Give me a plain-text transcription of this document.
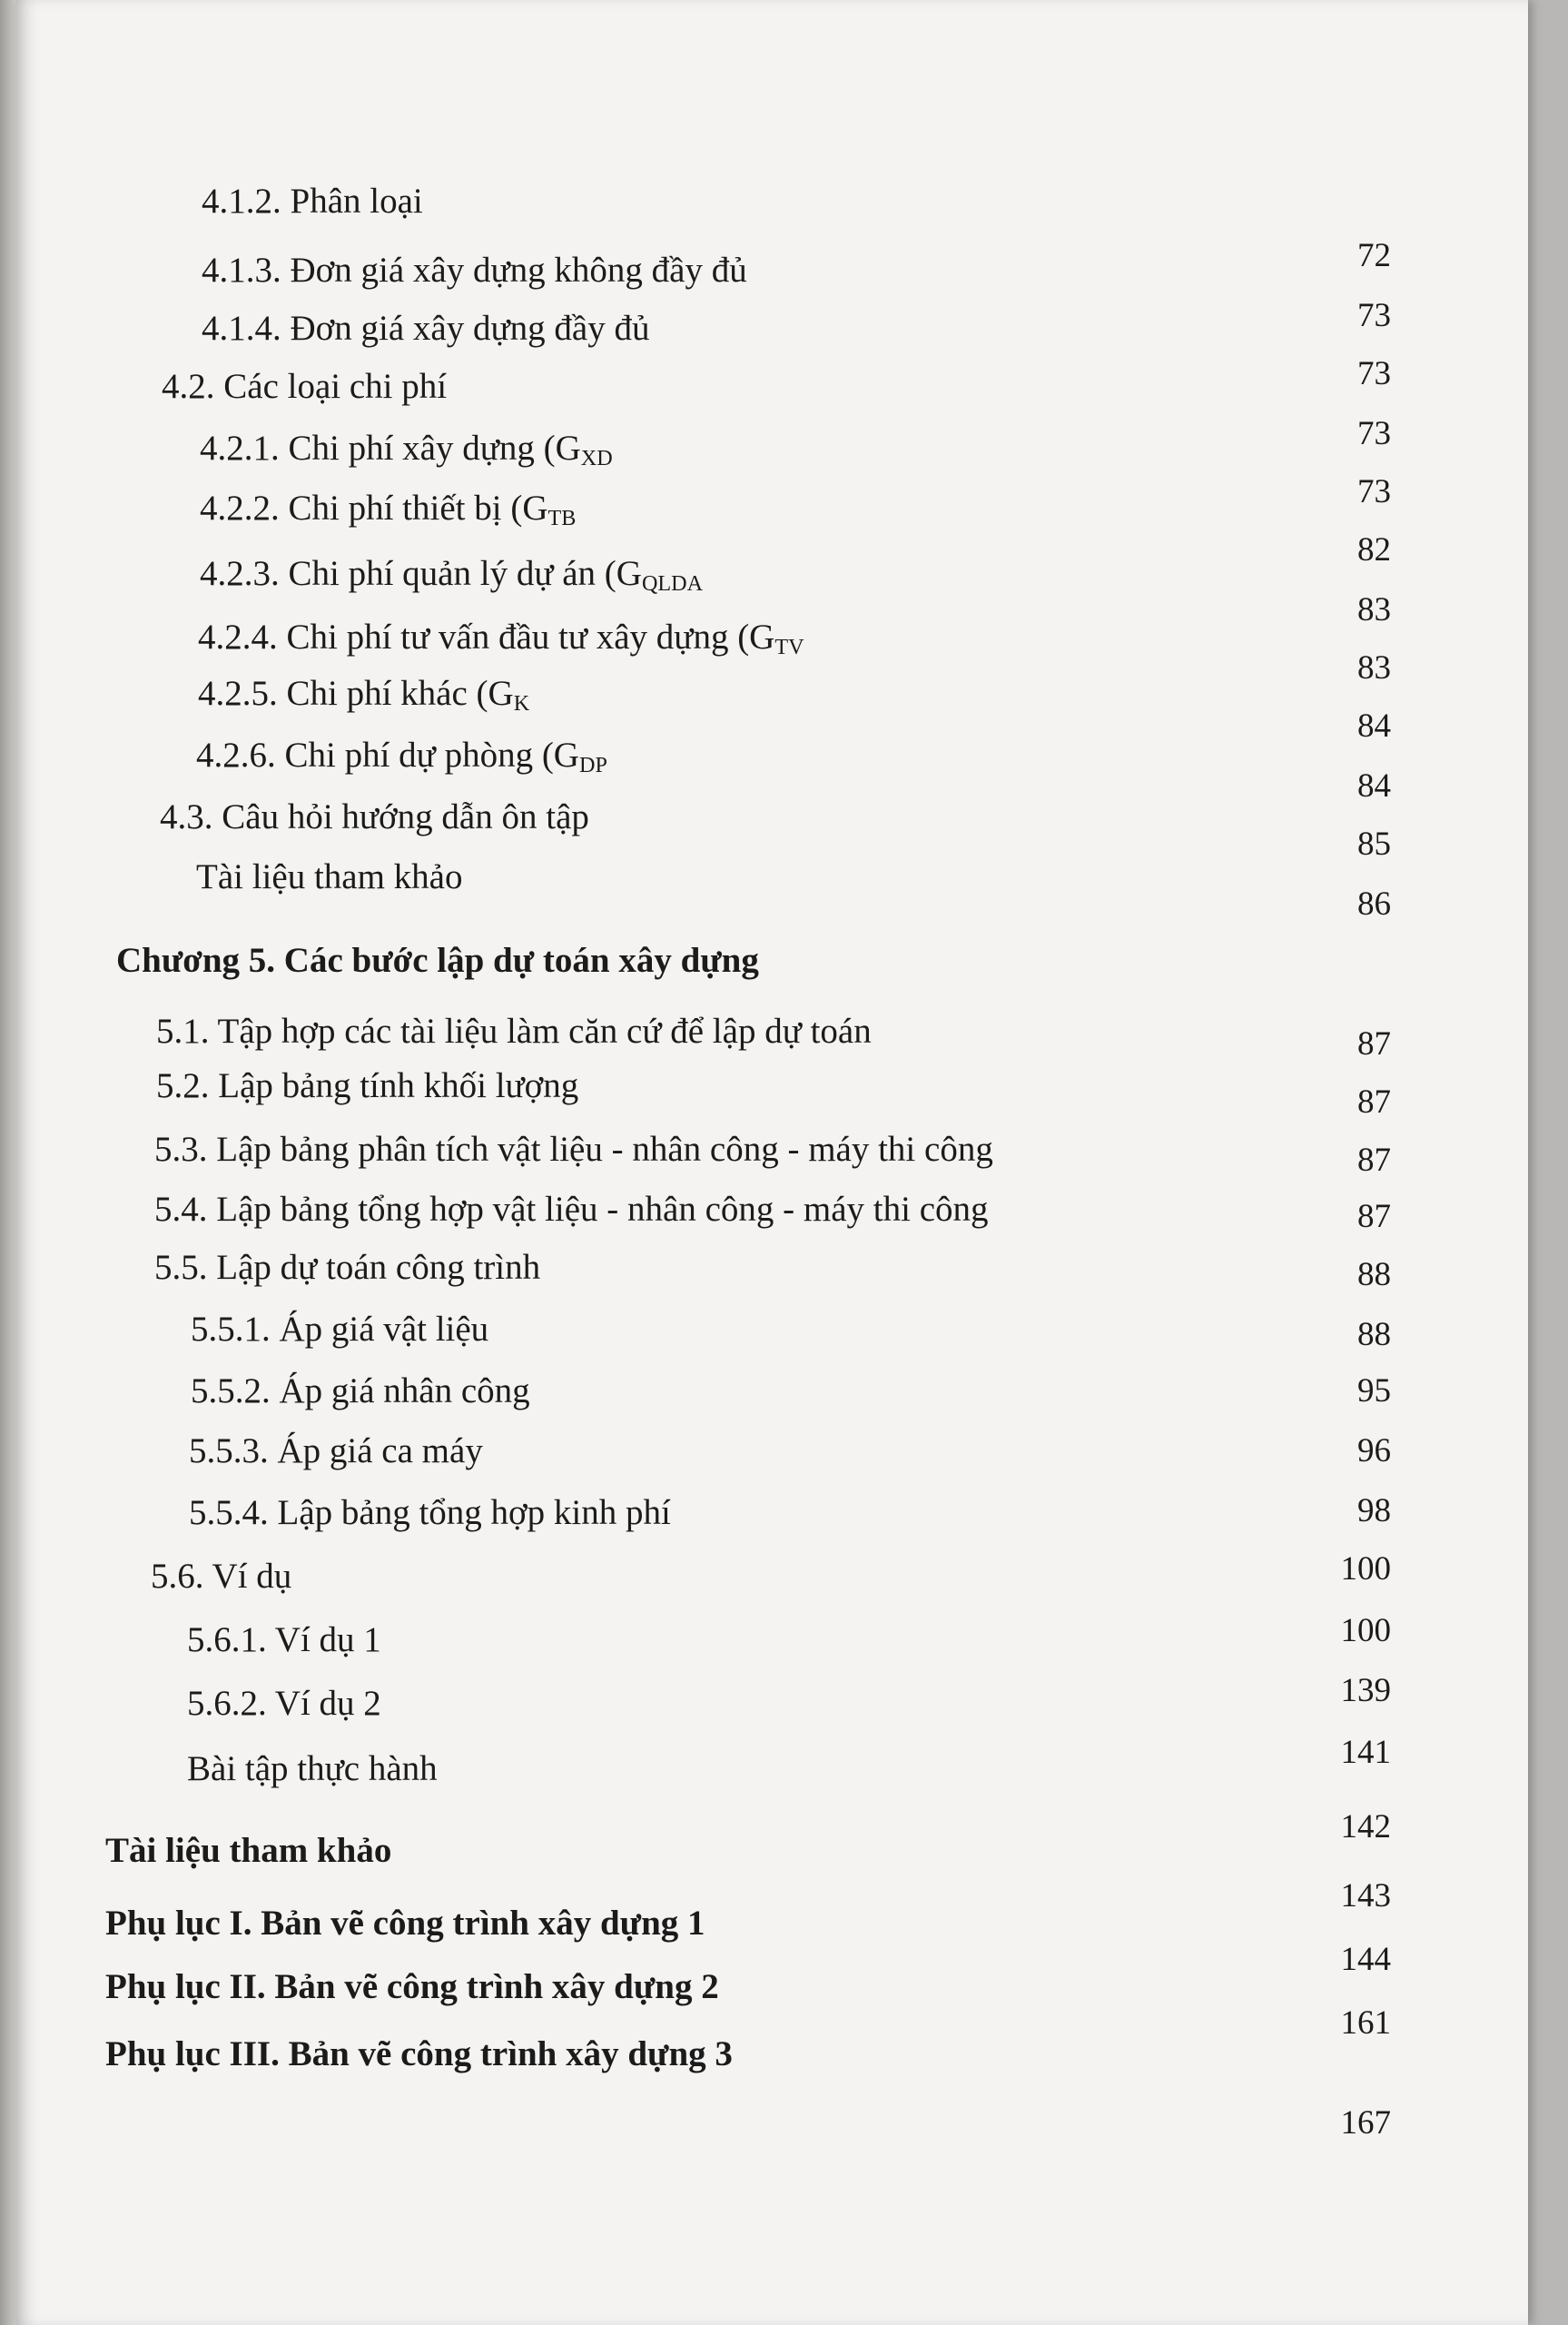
4.1.2. Phân loại
4.1.3. Đơn giá xây dựng không đầy đủ
4.1.4. Đơn giá xây dựng đầy đủ
4.2. Các loại chi phí
4.2.1. Chi phí xây dựng ($G_{XD}$
4.2.2. Chi phí thiết bị ($G_{TB}$
4.2.3. Chi phí quản lý dự án ($G_{QLDA}$
4.2.4. Chi phí tư vấn đầu tư xây dựng ($G_{TV}$
4.2.5. Chi phí khác ($G_K$
4.2.6. Chi phí dự phòng ($G_{DP}$
4.3. Câu hỏi hướng dẫn ôn tập
Tài liệu tham khảo
Chương 5. Các bước lập dự toán xây dựng
5.1. Tập hợp các tài liệu làm căn cứ để lập dự toán
5.2. Lập bảng tính khối lượng
5.3. Lập bảng phân tích vật liệu - nhân công - máy thi công
5.4. Lập bảng tổng hợp vật liệu - nhân công - máy thi công
5.5. Lập dự toán công trình
5.5.1. Áp giá vật liệu
5.5.2. Áp giá nhân công
5.5.3. Áp giá ca máy
5.5.4. Lập bảng tổng hợp kinh phí
5.6. Ví dụ
5.6.1. Ví dụ 1
5.6.2. Ví dụ 2
Bài tập thực hành
Tài liệu tham khảo
Phụ lục I. Bản vẽ công trình xây dựng 1
Phụ lục II. Bản vẽ công trình xây dựng 2
Phụ lục III. Bản vẽ công trình xây dựng 3
72
73
73
73
73
82
83
83
84
84
85
86
87
87
87
87
88
88
95
96
98
100
100
139
141
142
143
144
161
167
